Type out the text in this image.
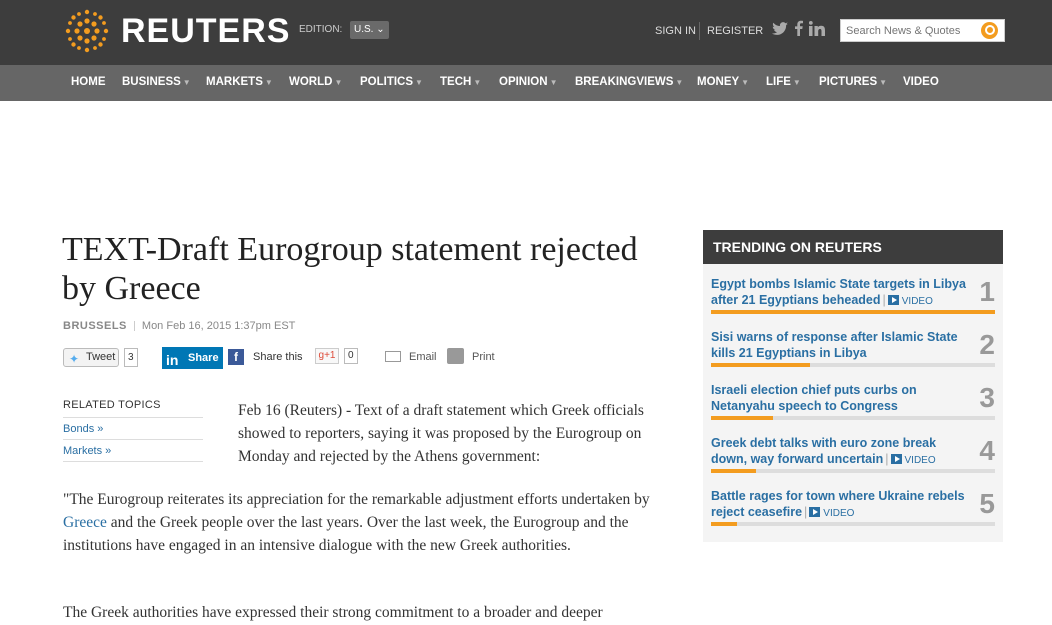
REUTERS EDITION:	U.S. ⌄	SIGN IN REGISTER
Search News & Quotes
HOME BUSINESS ▼ MARKETS ▼ WORLD ▼ POLITICS ▼ TECH ▼ OPINION ▼ BREAKINGVIEWS ▼ MONEY ▼ LIFE ▼ PICTURES ▼ VIDEO
TEXT-Draft Eurogroup statement rejected by Greece
BRUSSELS Mon Feb 16, 2015 1:37pm EST
✦ Tweet	3 in Share	f	Share this	g+1	0	Email	Print
RELATED TOPICS
Bonds »
Markets »

Feb 16 (Reuters) - Text of a draft statement which Greek officials showed to reporters, saying it was proposed by the Eurogroup on Monday and rejected by the Athens government:

"The Eurogroup reiterates its appreciation for the remarkable adjustment efforts undertaken by Greece and the Greek people over the last years. Over the last week, the Eurogroup and the institutions have engaged in an intensive dialogue with the new Greek authorities.

The Greek authorities have expressed their strong commitment to a broader and deeper

TRENDING ON REUTERS
Egypt bombs Islamic State targets in Libya after 21 Egyptians beheaded | VIDEO	1
Sisi warns of response after Islamic State kills 21 Egyptians in Libya	2
Israeli election chief puts curbs on Netanyahu speech to Congress	3
Greek debt talks with euro zone break down, way forward uncertain | VIDEO	4
Battle rages for town where Ukraine rebels reject ceasefire | VIDEO	5
